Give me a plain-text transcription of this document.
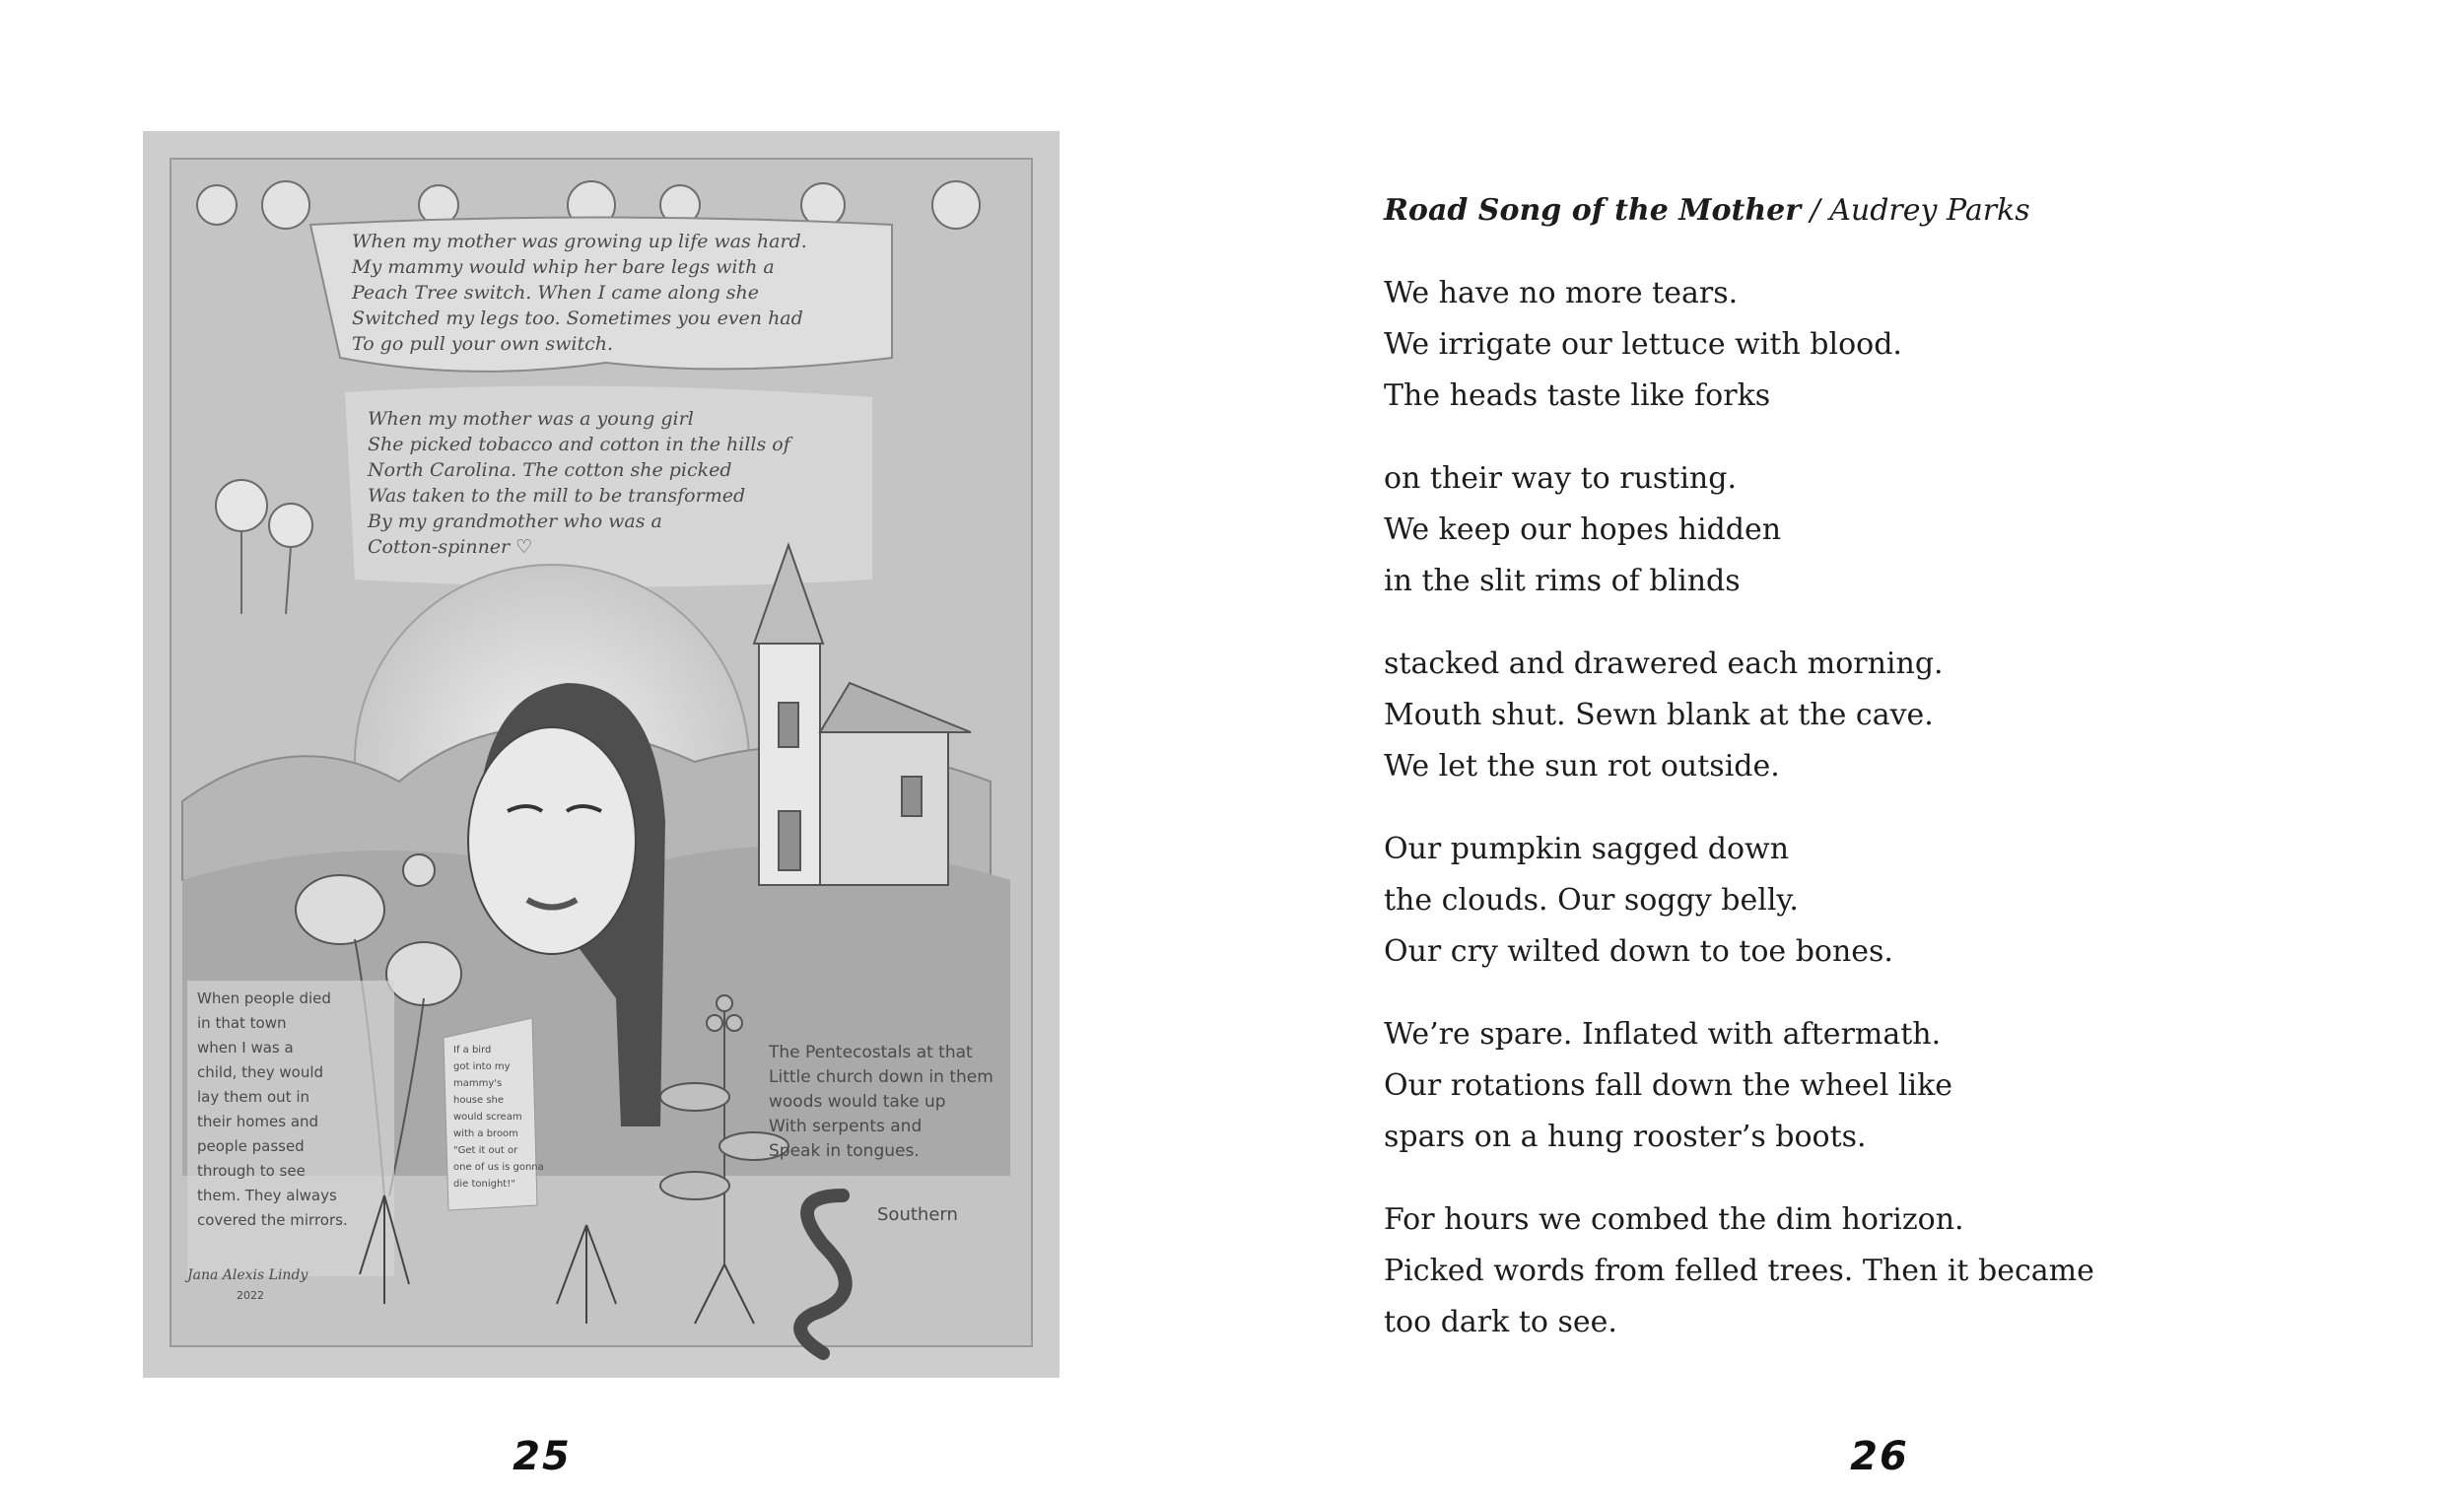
When my mother was growing up life was hard.
My mammy would whip her bare legs with a
Peach Tree switch. When I came along she
Switched my legs too. Sometimes you even had
To go pull your own switch.
When my mother was a young girl
She picked tobacco and cotton in the hills of
North Carolina. The cotton she picked
Was taken to the mill to be transformed
By my grandmother who was a
Cotton-spinner ♡
When people died
in that town
when I was a
child, they would
lay them out in
their homes and
people passed
through to see
them. They always
covered the mirrors.
If a bird
got into my
mammy's
house she
would scream
with a broom
"Get it out or
one of us is gonna
die tonight!"
The Pentecostals at that
Little church down in them
woods would take up
With serpents and
Speak in tongues.
Southern
Jana Alexis Lindy
2022
25
Road Song of the Mother / Audrey Parks
We have no more tears.
We irrigate our lettuce with blood.
The heads taste like forks
on their way to rusting.
We keep our hopes hidden
in the slit rims of blinds
stacked and drawered each morning.
Mouth shut. Sewn blank at the cave.
We let the sun rot outside.
Our pumpkin sagged down
the clouds. Our soggy belly.
Our cry wilted down to toe bones.
We’re spare. Inflated with aftermath.
Our rotations fall down the wheel like
spars on a hung rooster’s boots.
For hours we combed the dim horizon.
Picked words from felled trees. Then it became
too dark to see.
26
